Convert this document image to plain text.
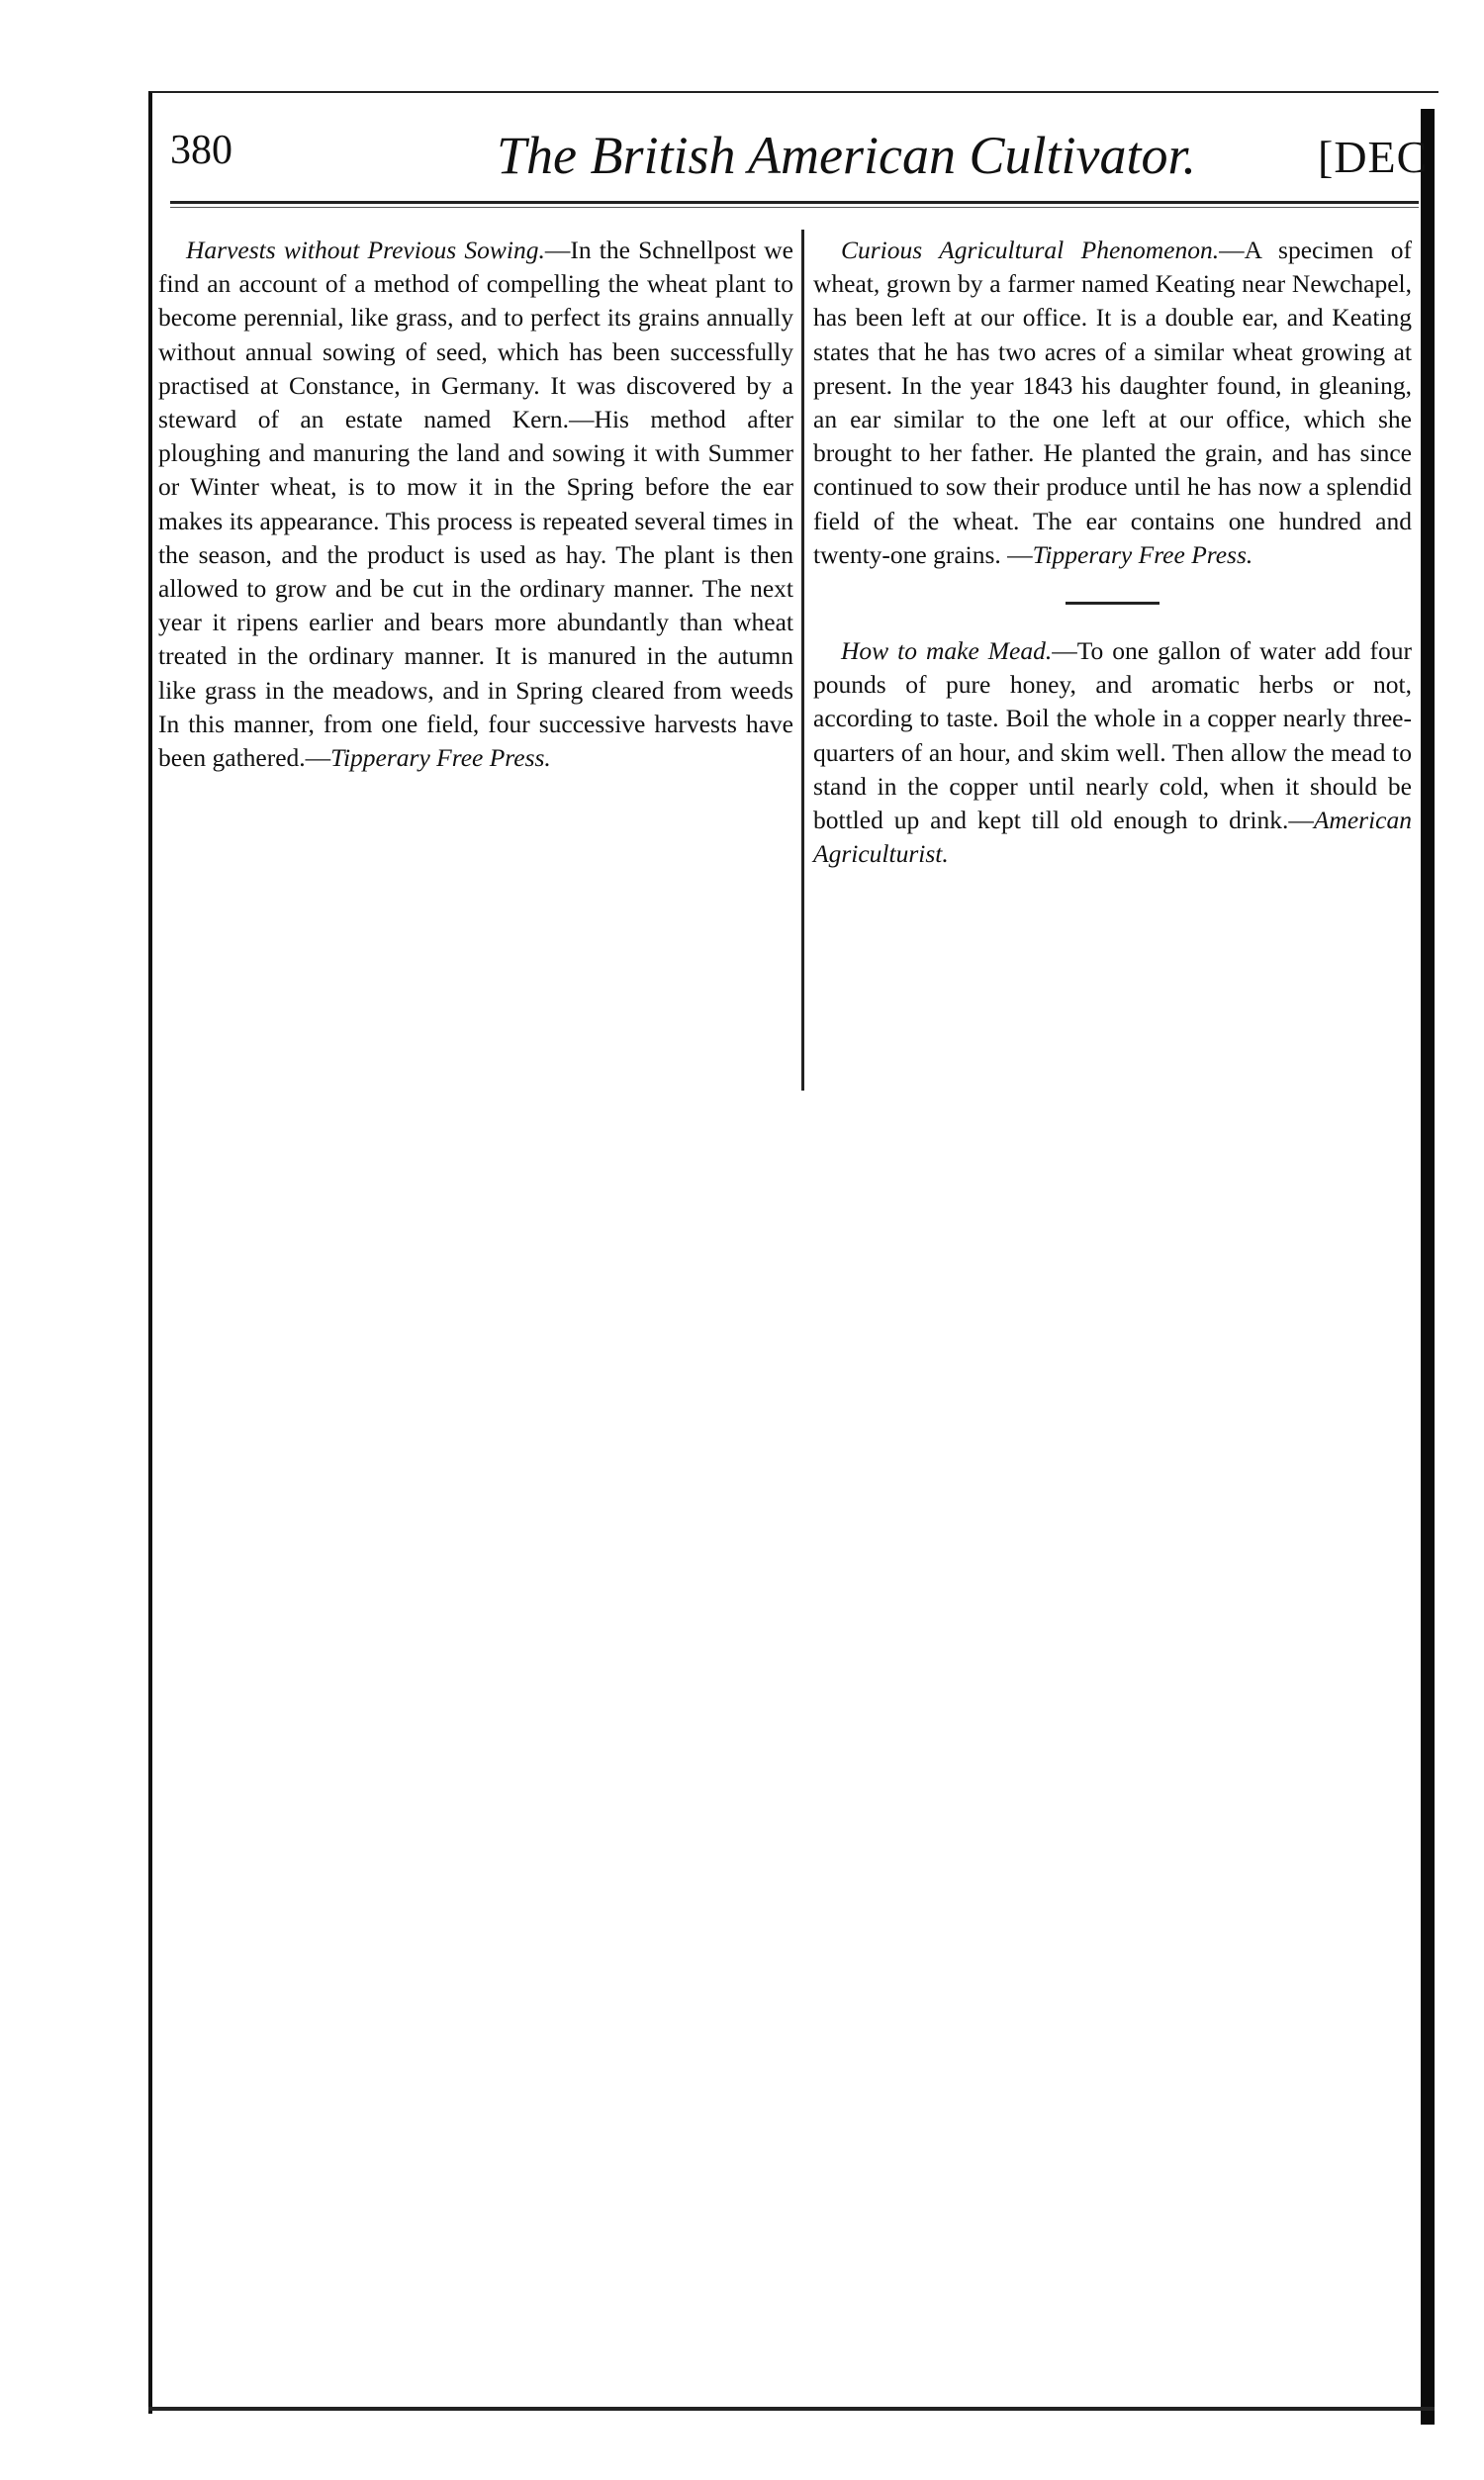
380	The British American Cultivator.	[DEC

Harvests without Previous Sowing.—In the Schnellpost we find an account of a method of compelling the wheat plant to become perennial, like grass, and to perfect its grains annually without annual sowing of seed, which has been successfully practised at Constance, in Germany. It was discovered by a steward of an estate named Kern.—His method after ploughing and manuring the land and sowing it with Summer or Winter wheat, is to mow it in the Spring before the ear makes its appearance. This process is repeated several times in the season, and the product is used as hay. The plant is then allowed to grow and be cut in the ordinary manner. The next year it ripens earlier and bears more abundantly than wheat treated in the ordinary manner. It is manured in the autumn like grass in the meadows, and in Spring cleared from weeds In this manner, from one field, four successive harvests have been gathered.—Tipperary Free Press.

Curious Agricultural Phenomenon.—A specimen of wheat, grown by a farmer named Keating near Newchapel, has been left at our office. It is a double ear, and Keating states that he has two acres of a similar wheat growing at present. In the year 1843 his daughter found, in gleaning, an ear similar to the one left at our office, which she brought to her father. He planted the grain, and has since continued to sow their produce until he has now a splendid field of the wheat. The ear contains one hundred and twenty-one grains. —Tipperary Free Press.

How to make Mead.—To one gallon of water add four pounds of pure honey, and aromatic herbs or not, according to taste. Boil the whole in a copper nearly three-quarters of an hour, and skim well. Then allow the mead to stand in the copper until nearly cold, when it should be bottled up and kept till old enough to drink.—American Agriculturist.
